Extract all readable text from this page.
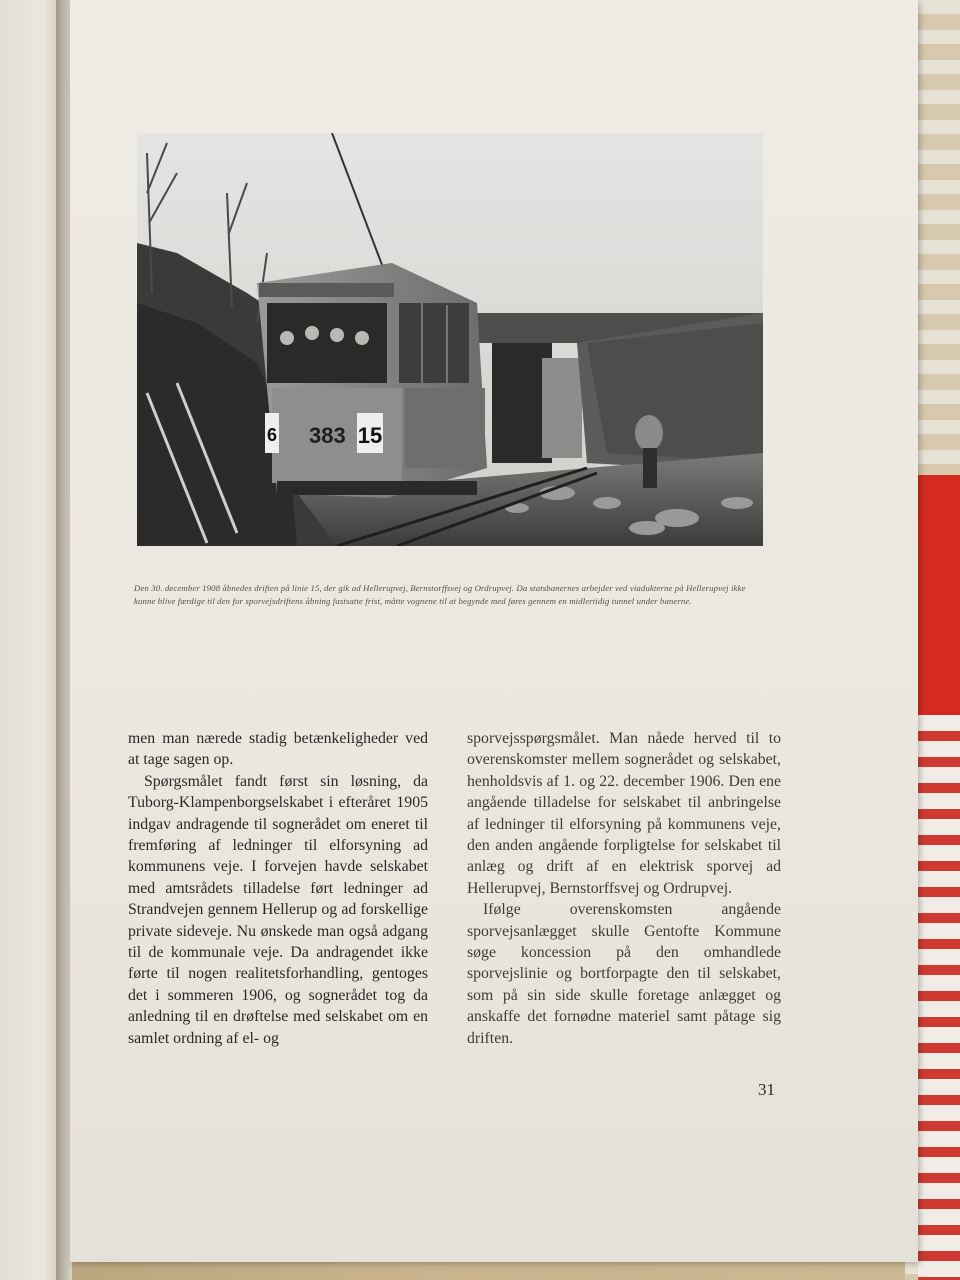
6 383 15
Den 30. december 1908 åbnedes driften på linie 15, der gik ad Hellerupvej, Bernstorffsvej og Ordrupvej. Da statsbanernes arbejder ved viadukterne på Hellerupvej ikke kunne blive færdige til den for sporvejsdriftens åbning fastsatte frist, måtte vognene til at begynde med føres gennem en midlertidig tunnel under banerne.

men man nærede stadig betænkeligheder ved at tage sagen op.

Spørgsmålet fandt først sin løsning, da Tuborg-Klampenborgselskabet i efteråret 1905 indgav andragende til sognerådet om eneret til fremføring af ledninger til elforsyning ad kommunens veje. I forvejen havde selskabet med amtsrådets tilladelse ført ledninger ad Strandvejen gennem Hellerup og ad forskellige private sideveje. Nu ønskede man også adgang til de kommunale veje. Da andragendet ikke førte til nogen realitetsforhandling, gentoges det i sommeren 1906, og sognerådet tog da anledning til en drøftelse med selskabet om en samlet ordning af el- og

sporvejsspørgsmålet. Man nåede herved til to overenskomster mellem sognerådet og selskabet, henholdsvis af 1. og 22. december 1906. Den ene angående tilladelse for selskabet til anbringelse af ledninger til elforsyning på kommunens veje, den anden angående forpligtelse for selskabet til anlæg og drift af en elektrisk sporvej ad Hellerupvej, Bernstorffsvej og Ordrupvej.

Ifølge overenskomsten angående sporvejsanlægget skulle Gentofte Kommune søge koncession på den omhandlede sporvejslinie og bortforpagte den til selskabet, som på sin side skulle foretage anlægget og anskaffe det fornødne materiel samt påtage sig driften.

31
